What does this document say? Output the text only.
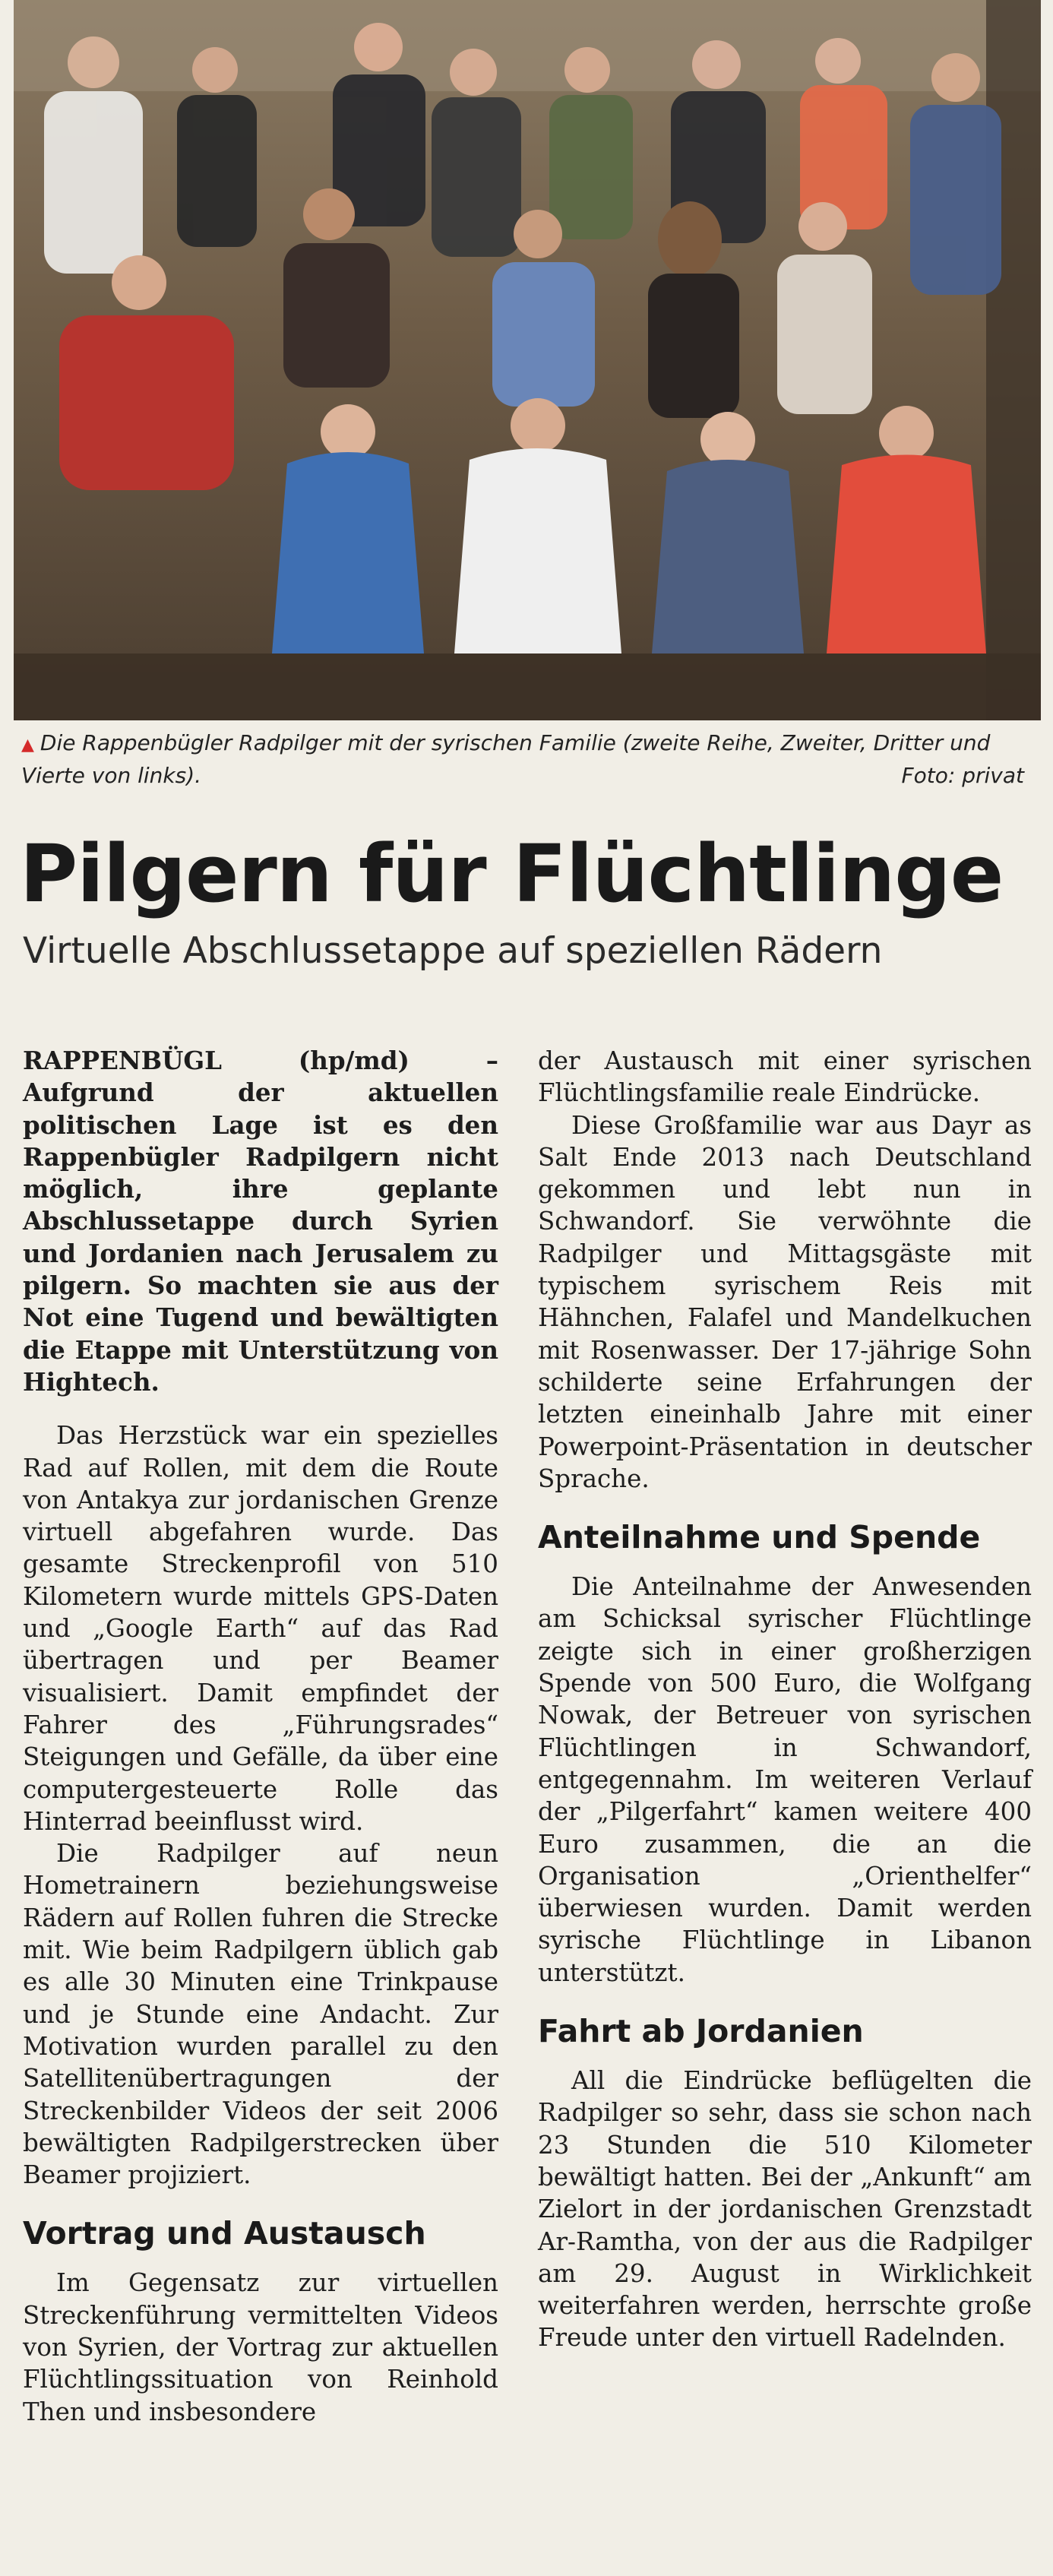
▲ Die Rappenbügler Radpilger mit der syrischen Familie (zweite Reihe, Zweiter, Dritter und Vierte von links).	Foto: privat
Pilgern für Flüchtlinge
Virtuelle Abschlussetappe auf speziellen Rädern

RAPPENBÜGL (hp/md) – Aufgrund der aktuellen politischen Lage ist es den Rappenbügler Radpilgern nicht möglich, ihre geplante Abschlussetappe durch Syrien und Jordanien nach Jerusalem zu pilgern. So machten sie aus der Not eine Tugend und bewältigten die Etappe mit Unterstützung von Hightech.

Das Herzstück war ein spezielles Rad auf Rollen, mit dem die Route von Antakya zur jordanischen Grenze virtuell abgefahren wurde. Das gesamte Streckenprofil von 510 Kilometern wurde mittels GPS-Daten und „Google Earth“ auf das Rad übertragen und per Beamer visualisiert. Damit empfindet der Fahrer des „Führungsrades“ Steigungen und Gefälle, da über eine computergesteuerte Rolle das Hinterrad beeinflusst wird.

Die Radpilger auf neun Hometrainern beziehungsweise Rädern auf Rollen fuhren die Strecke mit. Wie beim Radpilgern üblich gab es alle 30 Minuten eine Trinkpause und je Stunde eine Andacht. Zur Motivation wurden parallel zu den Satellitenübertragungen der Streckenbilder Videos der seit 2006 bewältigten Radpilgerstrecken über Beamer projiziert.

Vortrag und Austausch

Im Gegensatz zur virtuellen Streckenführung vermittelten Videos von Syrien, der Vortrag zur aktuellen Flüchtlingssituation von Reinhold Then und insbesondere

der Austausch mit einer syrischen Flüchtlingsfamilie reale Eindrücke.

Diese Großfamilie war aus Dayr as Salt Ende 2013 nach Deutschland gekommen und lebt nun in Schwandorf. Sie verwöhnte die Radpilger und Mittagsgäste mit typischem syrischem Reis mit Hähnchen, Falafel und Mandelkuchen mit Rosenwasser. Der 17-jährige Sohn schilderte seine Erfahrungen der letzten eineinhalb Jahre mit einer Powerpoint-Präsentation in deutscher Sprache.

Anteilnahme und Spende

Die Anteilnahme der Anwesenden am Schicksal syrischer Flüchtlinge zeigte sich in einer großherzigen Spende von 500 Euro, die Wolfgang Nowak, der Betreuer von syrischen Flüchtlingen in Schwandorf, entgegennahm. Im weiteren Verlauf der „Pilgerfahrt“ kamen weitere 400 Euro zusammen, die an die Organisation „Orienthelfer“ überwiesen wurden. Damit werden syrische Flüchtlinge in Libanon unterstützt.

Fahrt ab Jordanien

All die Eindrücke beflügelten die Radpilger so sehr, dass sie schon nach 23 Stunden die 510 Kilometer bewältigt hatten. Bei der „Ankunft“ am Zielort in der jordanischen Grenzstadt Ar-Ramtha, von der aus die Radpilger am 29. August in Wirklichkeit weiterfahren werden, herrschte große Freude unter den virtuell Radelnden.
